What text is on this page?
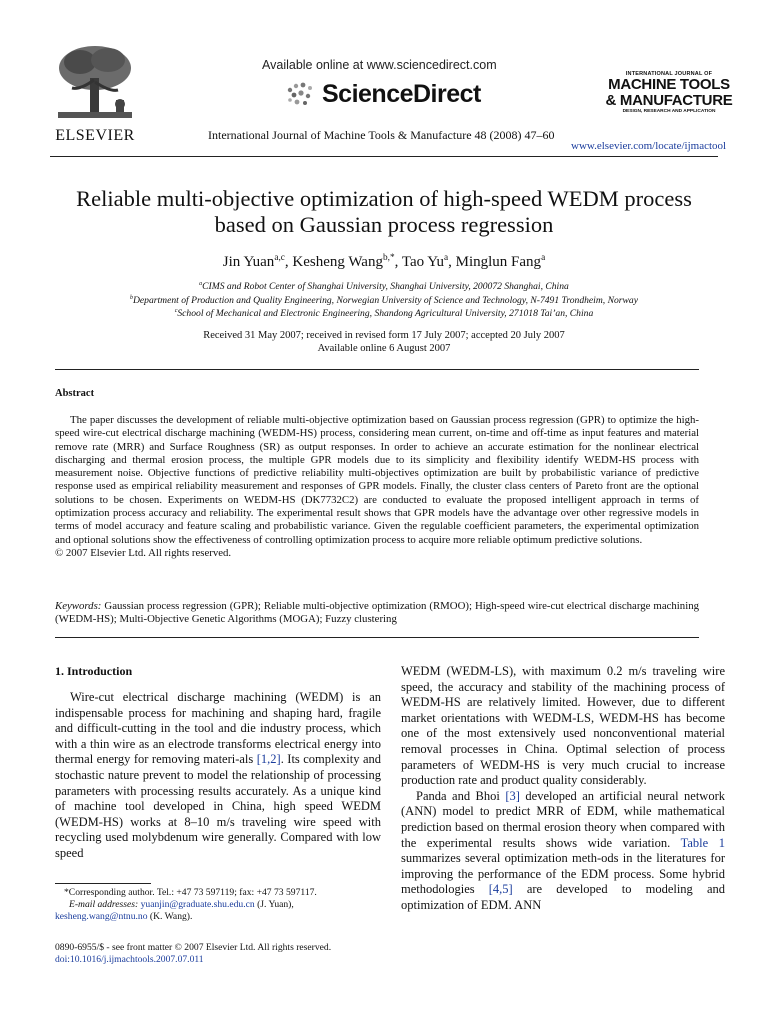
ELSEVIER
Available online at www.sciencedirect.com
ScienceDirect
International Journal of Machine Tools & Manufacture 48 (2008) 47–60
INTERNATIONAL JOURNAL OF
MACHINE TOOLS
& MANUFACTURE
DESIGN, RESEARCH AND APPLICATION
www.elsevier.com/locate/ijmactool
Reliable multi-objective optimization of high-speed WEDM process based on Gaussian process regression
Jin Yuan$^{a,c}$, Kesheng Wang$^{b,*}$, Tao Yu$^a$, Minglun Fang$^a$
$^a$CIMS and Robot Center of Shanghai University, Shanghai University, 200072 Shanghai, China
$^b$Department of Production and Quality Engineering, Norwegian University of Science and Technology, N-7491 Trondheim, Norway
$^c$School of Mechanical and Electronic Engineering, Shandong Agricultural University, 271018 Tai’an, China
Received 31 May 2007; received in revised form 17 July 2007; accepted 20 July 2007
Available online 6 August 2007
Abstract
The paper discusses the development of reliable multi-objective optimization based on Gaussian process regression (GPR) to optimize the high-speed wire-cut electrical discharge machining (WEDM-HS) process, considering mean current, on-time and off-time as input features and material remove rate (MRR) and Surface Roughness (SR) as output responses. In order to achieve an accurate estimation for the nonlinear electrical discharging and thermal erosion process, the multiple GPR models due to its simplicity and flexibility identify WEDM-HS process with measurement noise. Objective functions of predictive reliability multi-objectives optimization are built by probabilistic variance of predictive response used as empirical reliability measurement and responses of GPR models. Finally, the cluster class centers of Pareto front are the optional solutions to be chosen. Experiments on WEDM-HS (DK7732C2) are conducted to evaluate the proposed intelligent approach in terms of optimization process accuracy and reliability. The experimental result shows that GPR models have the advantage over other regressive models in terms of model accuracy and feature scaling and probabilistic variance. Given the regulable coefficient parameters, the experimental optimization and optional solutions show the effectiveness of controlling optimization process to acquire more reliable optimum predictive solutions.
© 2007 Elsevier Ltd. All rights reserved.
Keywords: Gaussian process regression (GPR); Reliable multi-objective optimization (RMOO); High-speed wire-cut electrical discharge machining (WEDM-HS); Multi-Objective Genetic Algorithms (MOGA); Fuzzy clustering
1. Introduction

Wire-cut electrical discharge machining (WEDM) is an indispensable process for machining and shaping hard, fragile and difficult-cutting in the tool and die industry process, which with a thin wire as an electrode transforms electrical energy into thermal energy for removing materi-als [1,2]. Its complexity and stochastic nature prevent to model the relationship of processing parameters with processing results accurately. As a unique kind of machine tool developed in China, high speed WEDM (WEDM-HS) works at 8–10 m/s traveling wire speed with recycling used molybdenum wire generally. Compared with low speed

WEDM (WEDM-LS), with maximum 0.2 m/s traveling wire speed, the accuracy and stability of the machining process of WEDM-HS are relatively limited. However, due to different market orientations with WEDM-LS, WEDM-HS has become one of the most extensively used nonconventional material removal processes in China. Optimal selection of process parameters of WEDM-HS is very much crucial to increase production rate and product quality considerably.

Panda and Bhoi [3] developed an artificial neural network (ANN) model to predict MRR of EDM, while mathematical prediction based on thermal erosion theory when compared with the experimental results shows wide variation. Table 1 summarizes several optimization meth-ods in the literatures for improving the performance of the EDM process. Some hybrid methodologies [4,5] are developed to modeling and optimization of EDM. ANN

*Corresponding author. Tel.: +47 73 597119; fax: +47 73 597117.
E-mail addresses: yuanjin@graduate.shu.edu.cn (J. Yuan),
kesheng.wang@ntnu.no (K. Wang).
0890-6955/$ - see front matter © 2007 Elsevier Ltd. All rights reserved.
doi:10.1016/j.ijmachtools.2007.07.011
